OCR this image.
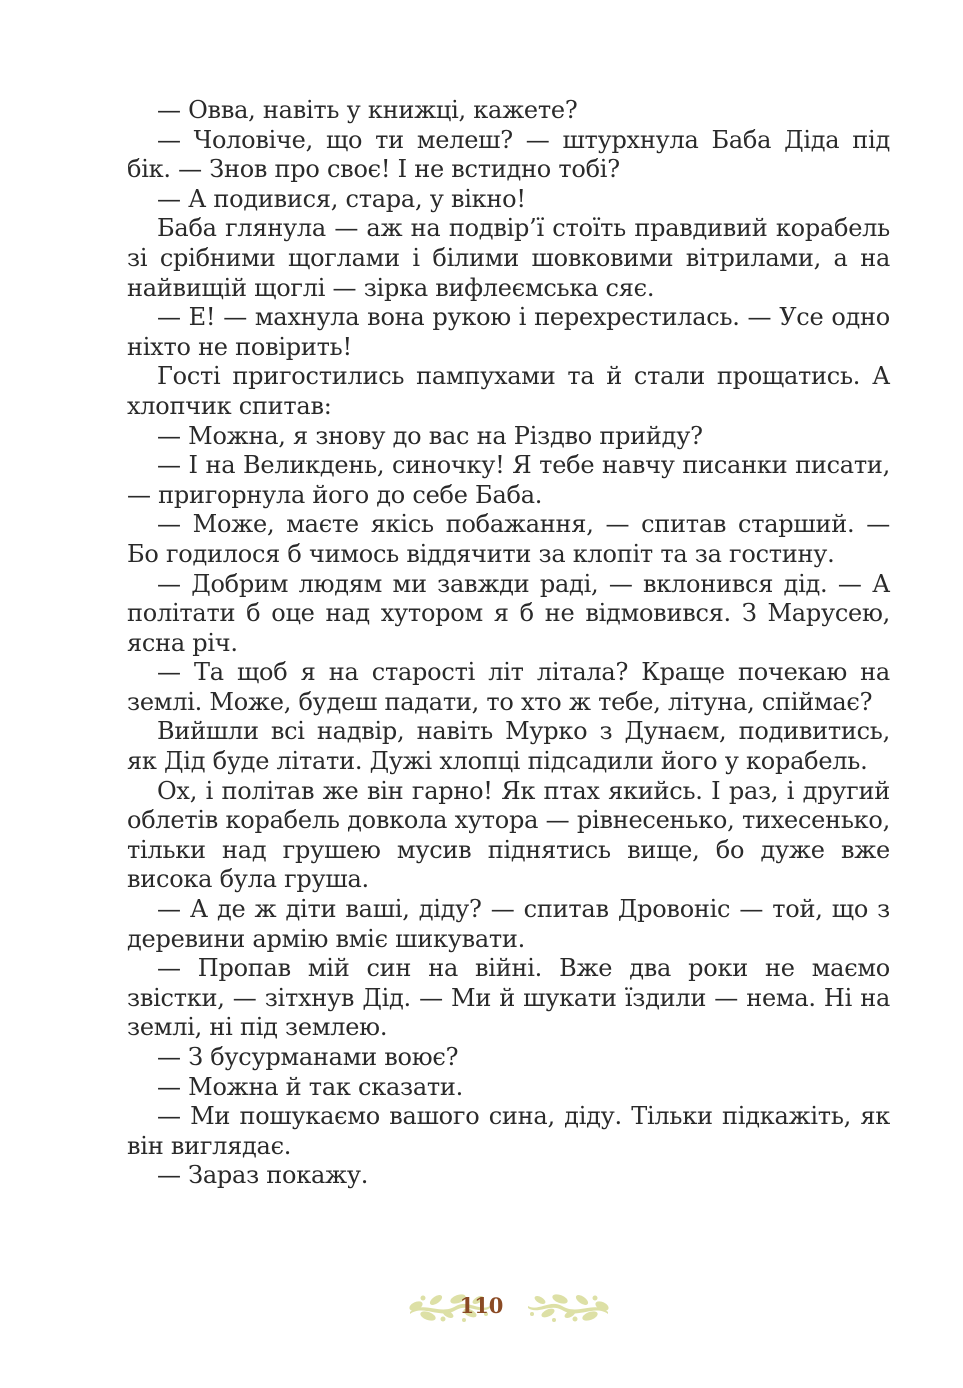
— Овва, навіть у книжці, кажете?

— Чоловіче, що ти мелеш? — штурхнула Баба Діда під бік. — Знов про своє! І не встидно тобі?

— А подивися, стара, у вікно!

Баба глянула — аж на подвір’ї стоїть правдивий корабель зі срібними щоглами і білими шовковими вітрилами, а на найвищій щоглі — зірка вифлеємська сяє.

— Е! — махнула вона рукою і перехрестилась. — Усе одно ніхто не повірить!

Гості пригостились пампухами та й стали прощатись. А хлопчик спитав:

— Можна, я знову до вас на Різдво прийду?

— І на Великдень, синочку! Я тебе навчу писанки писати, — пригорнула його до себе Баба.

— Може, маєте якісь побажання, — спитав старший. — Бо годилося б чимось віддячити за клопіт та за гостину.

— Добрим людям ми завжди раді, — вклонився дід. — А політати б оце над хутором я б не відмовився. З Марусею, ясна річ.

— Та щоб я на старості літ літала? Краще почекаю на землі. Може, будеш падати, то хто ж тебе, літуна, спіймає?

Вийшли всі надвір, навіть Мурко з Дунаєм, подивитись, як Дід буде літати. Дужі хлопці підсадили його у корабель.

Ох, і політав же він гарно! Як птах якийсь. І раз, і другий облетів корабель довкола хутора — рівнесенько, тихесенько, тільки над грушею мусив піднятись вище, бо дуже вже висока була груша.

— А де ж діти ваші, діду? — спитав Дровоніс — той, що з деревини армію вміє шикувати.

— Пропав мій син на війні. Вже два роки не маємо звістки, — зітхнув Дід. — Ми й шукати їздили — нема. Ні на землі, ні під землею.

— З бусурманами воює?

— Можна й так сказати.

— Ми пошукаємо вашого сина, діду. Тільки підкажіть, як він виглядає.

— Зараз покажу.

110
